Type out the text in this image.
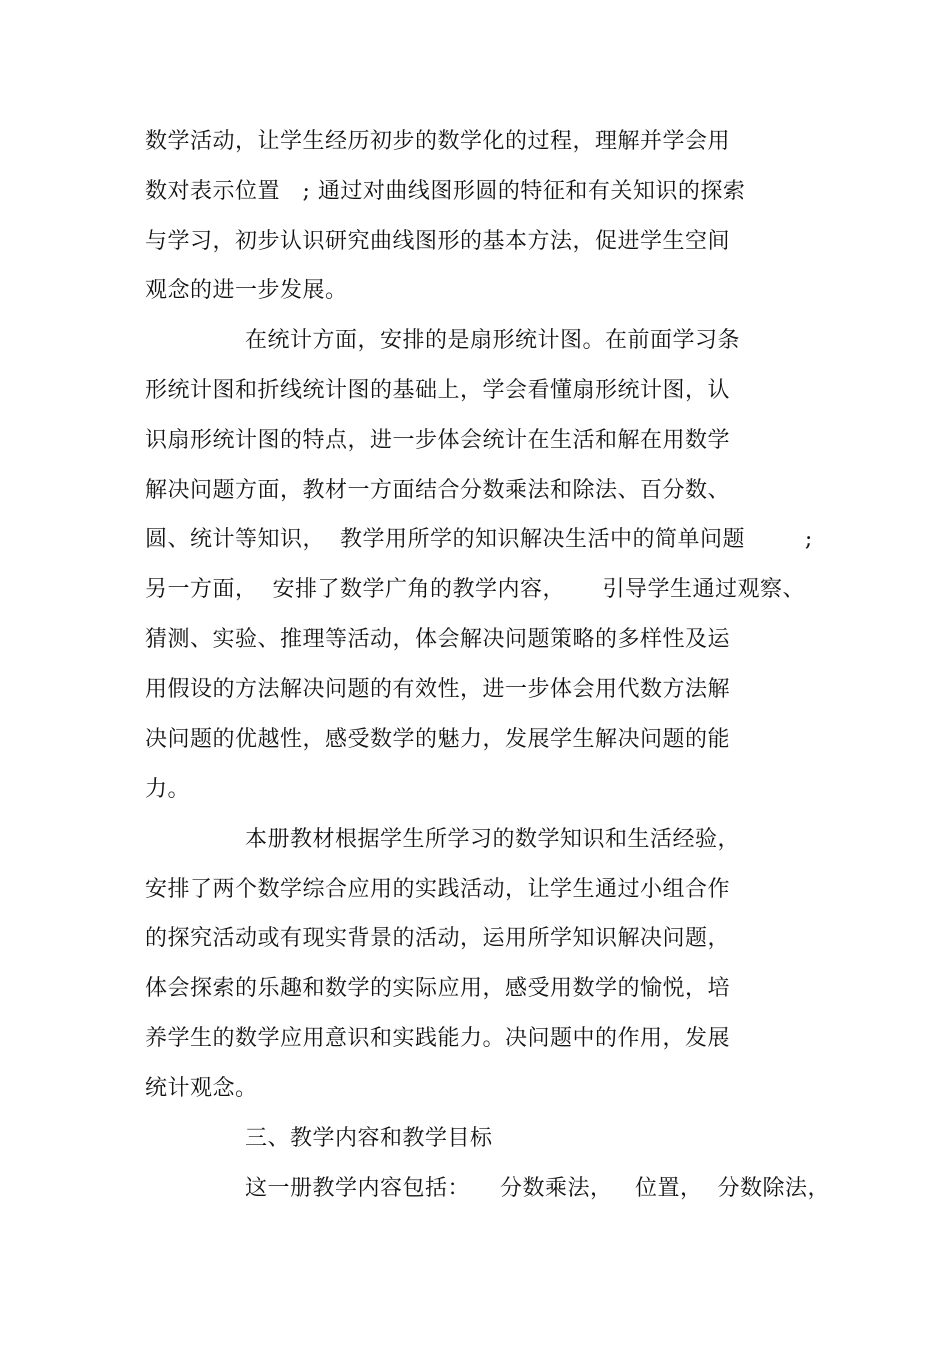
数学活动，让学生经历初步的数学化的过程，理解并学会用
数对表示位置   ; 通过对曲线图形圆的特征和有关知识的探索
与学习，初步认识研究曲线图形的基本方法，促进学生空间
观念的进一步发展。
在统计方面，安排的是扇形统计图。在前面学习条
形统计图和折线统计图的基础上，学会看懂扇形统计图，认
识扇形统计图的特点，进一步体会统计在生活和解在用数学
解决问题方面，教材一方面结合分数乘法和除法、百分数、
圆、统计等知识，  教学用所学的知识解决生活中的简单问题        ;
另一方面，  安排了数学广角的教学内容，     引导学生通过观察、
猜测、实验、推理等活动，体会解决问题策略的多样性及运
用假设的方法解决问题的有效性，进一步体会用代数方法解
决问题的优越性，感受数学的魅力，发展学生解决问题的能
力。
本册教材根据学生所学习的数学知识和生活经验，
安排了两个数学综合应用的实践活动，让学生通过小组合作
的探究活动或有现实背景的活动，运用所学知识解决问题，
体会探索的乐趣和数学的实际应用，感受用数学的愉悦，培
养学生的数学应用意识和实践能力。决问题中的作用，发展
统计观念。
三、教学内容和教学目标
这一册教学内容包括：    分数乘法，   位置，  分数除法，
